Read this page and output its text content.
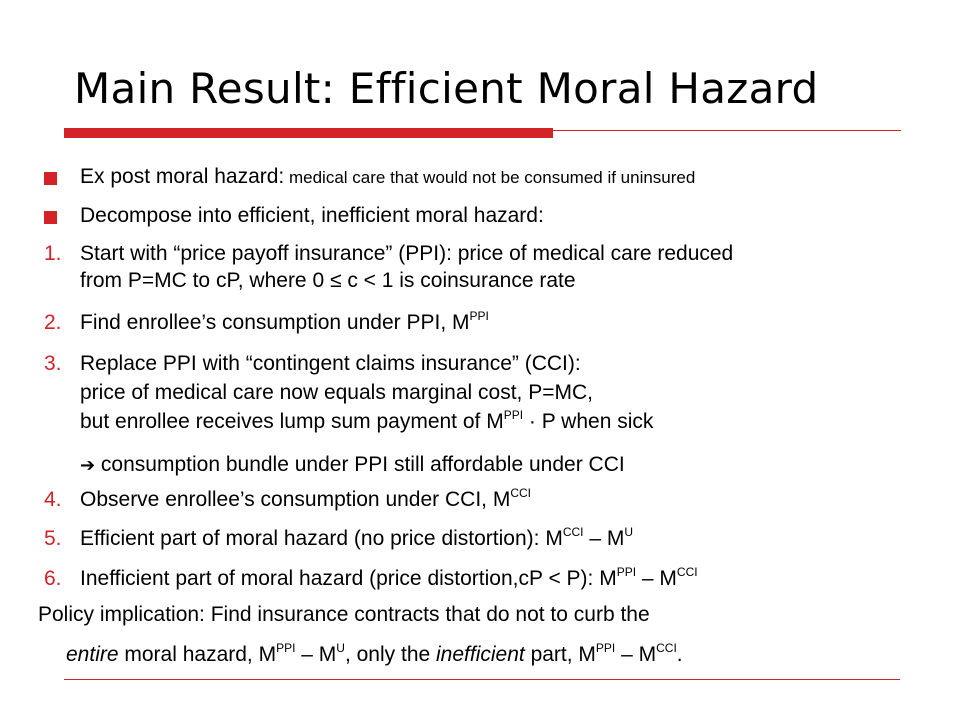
Main Result: Efficient Moral Hazard
Ex post moral hazard: medical care that would not be consumed if uninsured
Decompose into efficient, inefficient moral hazard:
1. Start with “price payoff insurance” (PPI): price of medical care reduced
from P=MC to cP, where 0 ≤ c < 1 is coinsurance rate
2. Find enrollee’s consumption under PPI, $M^{PPI}$
3. Replace PPI with “contingent claims insurance” (CCI):
price of medical care now equals marginal cost, P=MC,
but enrollee receives lump sum payment of $M^{PPI} \cdot P$ when sick
➔ consumption bundle under PPI still affordable under CCI
4. Observe enrollee’s consumption under CCI, $M^{CCI}$
5. Efficient part of moral hazard (no price distortion): $M^{CCI} - M^U$
6. Inefficient part of moral hazard (price distortion,cP < P): $M^{PPI} - M^{CCI}$
Policy implication: Find insurance contracts that do not to curb the
entire moral hazard, $M^{PPI} - M^U$, only the inefficient part, $M^{PPI} - M^{CCI}$.
